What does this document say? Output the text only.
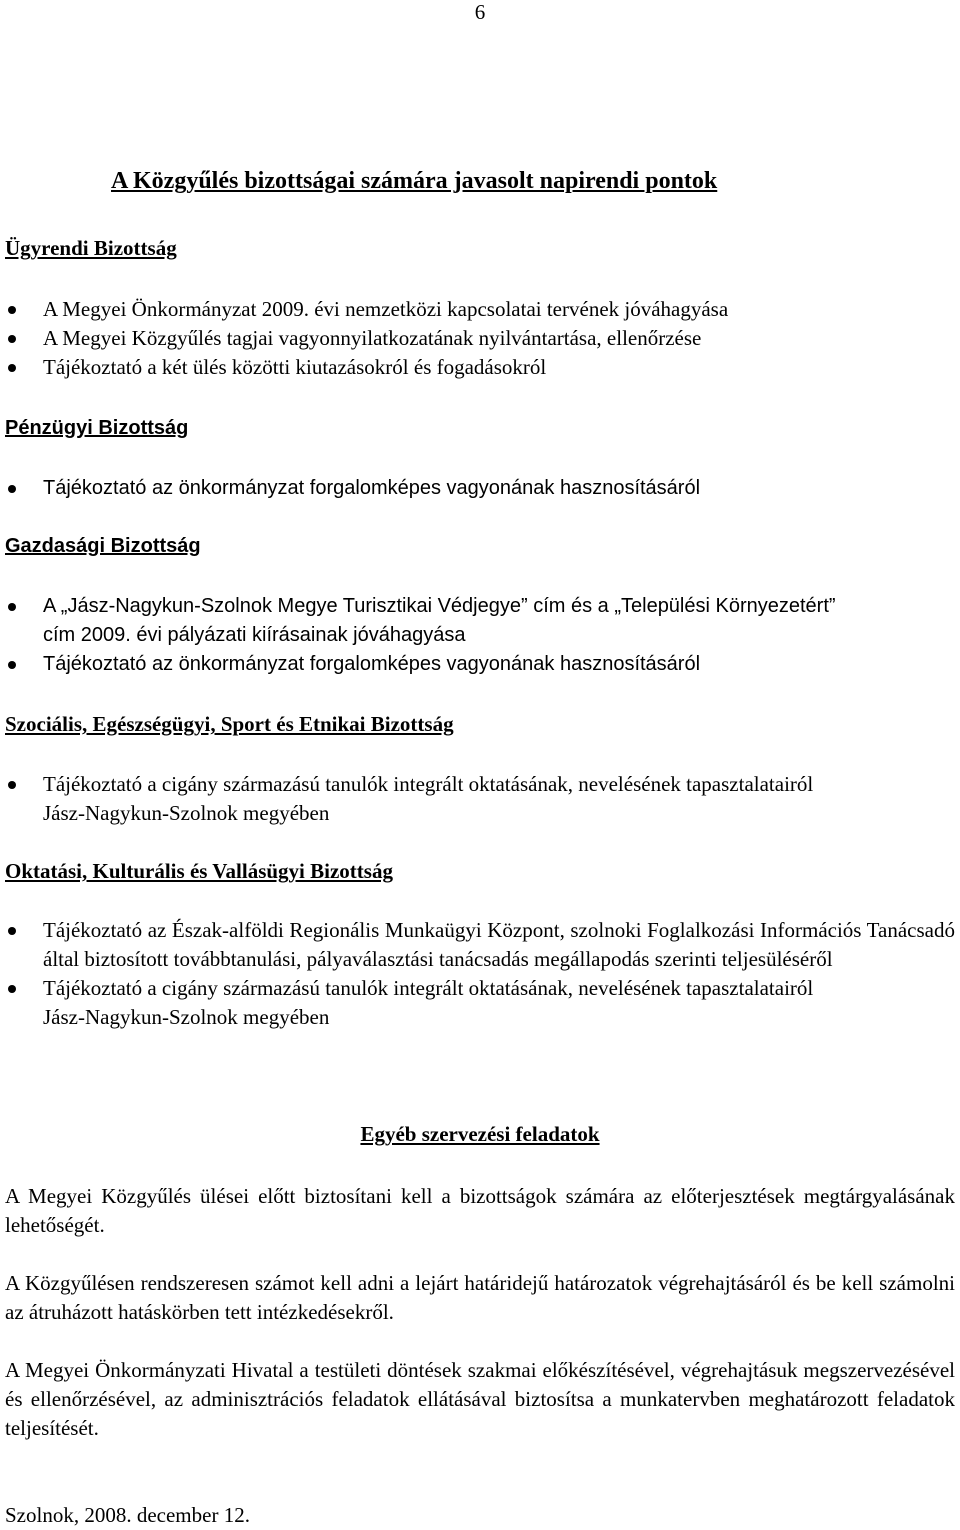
6
A Közgyűlés bizottságai számára javasolt napirendi pontok
Ügyrendi Bizottság
A Megyei Önkormányzat 2009. évi nemzetközi kapcsolatai tervének jóváhagyása
A Megyei Közgyűlés tagjai vagyonnyilatkozatának nyilvántartása, ellenőrzése
Tájékoztató a két ülés közötti kiutazásokról és fogadásokról
Pénzügyi Bizottság
Tájékoztató az önkormányzat forgalomképes vagyonának hasznosításáról
Gazdasági Bizottság
A „Jász-Nagykun-Szolnok Megye Turisztikai Védjegye” cím és a „Települési Környezetért” cím 2009. évi pályázati kiírásainak jóváhagyása
Tájékoztató az önkormányzat forgalomképes vagyonának hasznosításáról
Szociális, Egészségügyi, Sport és Etnikai Bizottság
Tájékoztató a cigány származású tanulók integrált oktatásának, nevelésének tapasztalatairól Jász-Nagykun-Szolnok megyében
Oktatási, Kulturális és Vallásügyi Bizottság
Tájékoztató az Észak-alföldi Regionális Munkaügyi Központ, szolnoki Foglalkozási Információs Tanácsadó által biztosított továbbtanulási, pályaválasztási tanácsadás megállapodás szerinti teljesüléséről
Tájékoztató a cigány származású tanulók integrált oktatásának, nevelésének tapasztalatairól Jász-Nagykun-Szolnok megyében
Egyéb szervezési feladatok

A Megyei Közgyűlés ülései előtt biztosítani kell a bizottságok számára az előterjesztések megtárgyalásának lehetőségét.

A Közgyűlésen rendszeresen számot kell adni a lejárt határidejű határozatok végrehajtásáról és be kell számolni az átruházott hatáskörben tett intézkedésekről.

A Megyei Önkormányzati Hivatal a testületi döntések szakmai előkészítésével, végrehajtásuk megszervezésével és ellenőrzésével, az adminisztrációs feladatok ellátásával biztosítsa a munkatervben meghatározott feladatok teljesítését.

Szolnok, 2008. december 12.
